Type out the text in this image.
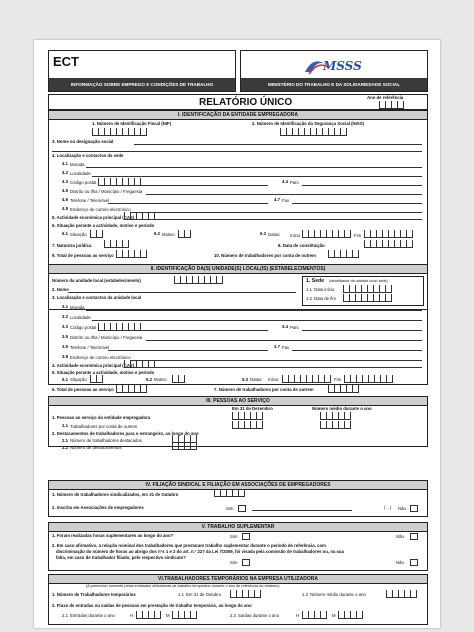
ECT
INFORMAÇÃO SOBRE EMPREGO E CONDIÇÕES DE TRABALHO
MSSS
MINISTÉRIO DO TRABALHO E DA SOLIDARIEDADE SOCIAL
RELATÓRIO ÚNICO	Ano de referência
I. IDENTIFICAÇÃO DA ENTIDADE EMPREGADORA
1. Número de Identificação Fiscal (NIF)	2. Número de Identificação da Segurança Social (NISS)
3. Nome ou designação social
4. Localização e contactos da sede
4.1 Morada
4.2 Localidade
4.3 Código postal	4.4 País
4.5 Distrito ou Ilha / Município / Freguesia
4.6 Telefone / Telemóvel	4.7 Fax
4.8 Endereço de correio electrónico
5. Actividade económica principal (CAE)
6. Situação perante a actividade, motivo e período
6.1 Situação	6.2 Motivo	6.3 Datas: Início	Fim
7. Natureza jurídica	8. Data de constituição
9. Total de pessoas ao serviço	10. Número de trabalhadores por conta de outrem
II. IDENTIFICAÇÃO DA(S) UNIDADE(S) LOCAL(IS) (ESTABELECIMENTOS)
Número da unidade local (estabelecimento)	1. Sede (identificador da unidade local: sede)
1.1 Data início
1.2 Data de fim
2. Nome
3. Localização e contactos da unidade local
3.1 Morada
3.2 Localidade
3.3 Código postal	3.4 País
3.5 Distrito ou Ilha / Município / Freguesia
3.6 Telefone / Telemóvel	3.7 Fax
3.8 Endereço de correio electrónico
4. Actividade económica principal (CAE)
5. Situação perante a actividade, motivo e período
5.1 Situação	5.2 Motivo	5.3 Datas: Início	Fim
6. Total de pessoas ao serviço	7. Número de trabalhadores por conta de outrem
III. PESSOAS AO SERVIÇO
Em 31 de Dezembro	Número médio durante o ano
1. Pessoas ao serviço da entidade empregadora
1.1 Trabalhadores por conta de outrem
2. Destacamentos de trabalhadores para o estrangeiro, ao longo do ano
2.1 Número de trabalhadores destacados
2.2 Número de destacamentos
IV. FILIAÇÃO SINDICAL E FILIAÇÃO EM ASSOCIAÇÕES DE EMPREGADORES
1. Número de trabalhadores sindicalizados, em 31 de Outubro
2. Inscrita em Associações de empregadores	Sim	(…) Não
V. TRABALHO SUPLEMENTAR
1. Foram realizadas horas suplementares ao longo do ano?	Sim	Não
2. Em caso afirmativo, a relação nominal dos trabalhadores que prestaram trabalho suplementar durante o período de referência, com
discriminação do número de horas ao abrigo dos n°s 1 e 2 do art. n.º 227 da Lei 7/2009, foi visada pela comissão de trabalhadores ou, na sua
falta, em caso de trabalhador filiado, pelo respectivo sindicato?
Sim	Não
VI.TRABALHADORES TEMPORÁRIOS NA EMPRESA UTILIZADORA
(A preencher somente pelas entidades utilizadoras de trabalho temporário durante o ano de referência do relatório)
1. Número de Trabalhadores temporários	1.1 Em 31 de Outubro	1.2 Número médio durante o ano
2. Fluxo de entradas ou saídas de pessoas em prestação de trabalho temporário, ao longo do ano
2.1 Entradas durante o ano	H	M	2.2 Saídas durante o ano	H	M
